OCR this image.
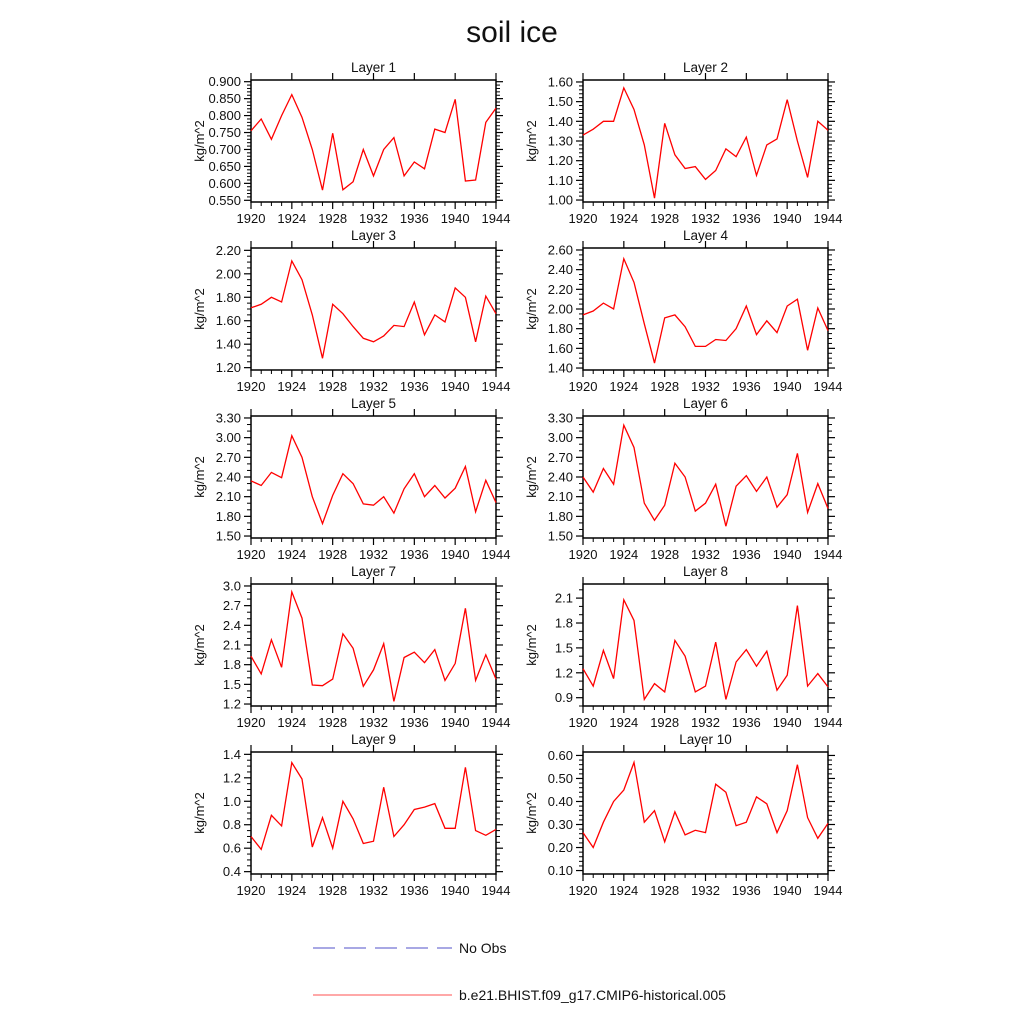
soil ice
1920 1924 1928 1932 1936 1940 1944
0.550
0.600
0.650
0.700
0.750
0.800
0.850
0.900
Layer 1
kg/m^2
1920 1924 1928 1932 1936 1940 1944
1.00
1.10
1.20
1.30
1.40
1.50
1.60
Layer 2
kg/m^2
1920 1924 1928 1932 1936 1940 1944
1.20
1.40
1.60
1.80
2.00
2.20
Layer 3
kg/m^2
1920 1924 1928 1932 1936 1940 1944
1.40
1.60
1.80
2.00
2.20
2.40
2.60
Layer 4
kg/m^2
1920 1924 1928 1932 1936 1940 1944
1.50
1.80
2.10
2.40
2.70
3.00
3.30
Layer 5
kg/m^2
1920 1924 1928 1932 1936 1940 1944
1.50
1.80
2.10
2.40
2.70
3.00
3.30
Layer 6
kg/m^2
1920 1924 1928 1932 1936 1940 1944
1.2
1.5
1.8
2.1
2.4
2.7
3.0
Layer 7
kg/m^2
1920 1924 1928 1932 1936 1940 1944
0.9
1.2
1.5
1.8
2.1
Layer 8
kg/m^2
1920 1924 1928 1932 1936 1940 1944
0.4
0.6
0.8
1.0
1.2
1.4
Layer 9
kg/m^2
1920 1924 1928 1932 1936 1940 1944
0.10
0.20
0.30
0.40
0.50
0.60
Layer 10
kg/m^2
No Obs
b.e21.BHIST.f09_g17.CMIP6-historical.005
